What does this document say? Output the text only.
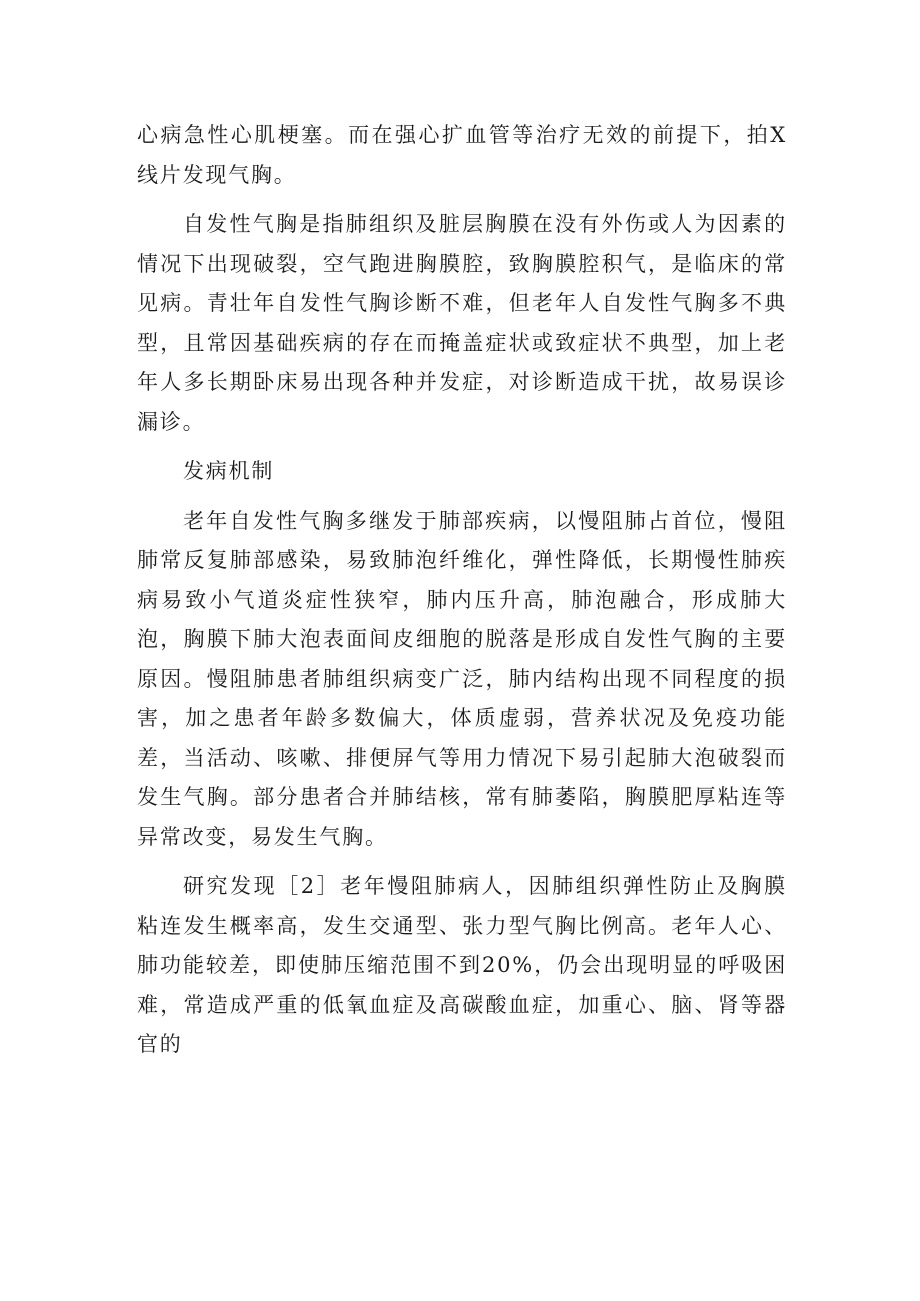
心病急性心肌梗塞。而在强心扩血管等治疗无效的前提下，拍X线片发现气胸。

自发性气胸是指肺组织及脏层胸膜在没有外伤或人为因素的情况下出现破裂，空气跑进胸膜腔，致胸膜腔积气，是临床的常见病。青壮年自发性气胸诊断不难，但老年人自发性气胸多不典型，且常因基础疾病的存在而掩盖症状或致症状不典型，加上老年人多长期卧床易出现各种并发症，对诊断造成干扰，故易误诊漏诊。

发病机制

老年自发性气胸多继发于肺部疾病，以慢阻肺占首位，慢阻肺常反复肺部感染，易致肺泡纤维化，弹性降低，长期慢性肺疾病易致小气道炎症性狭窄，肺内压升高，肺泡融合，形成肺大泡，胸膜下肺大泡表面间皮细胞的脱落是形成自发性气胸的主要原因。慢阻肺患者肺组织病变广泛，肺内结构出现不同程度的损害，加之患者年龄多数偏大，体质虚弱，营养状况及免疫功能差，当活动、咳嗽、排便屏气等用力情况下易引起肺大泡破裂而发生气胸。部分患者合并肺结核，常有肺萎陷，胸膜肥厚粘连等异常改变，易发生气胸。

研究发现［2］老年慢阻肺病人，因肺组织弹性防止及胸膜粘连发生概率高，发生交通型、张力型气胸比例高。老年人心、肺功能较差，即使肺压缩范围不到20%，仍会出现明显的呼吸困难，常造成严重的低氧血症及高碳酸血症，加重心、脑、肾等器官的
